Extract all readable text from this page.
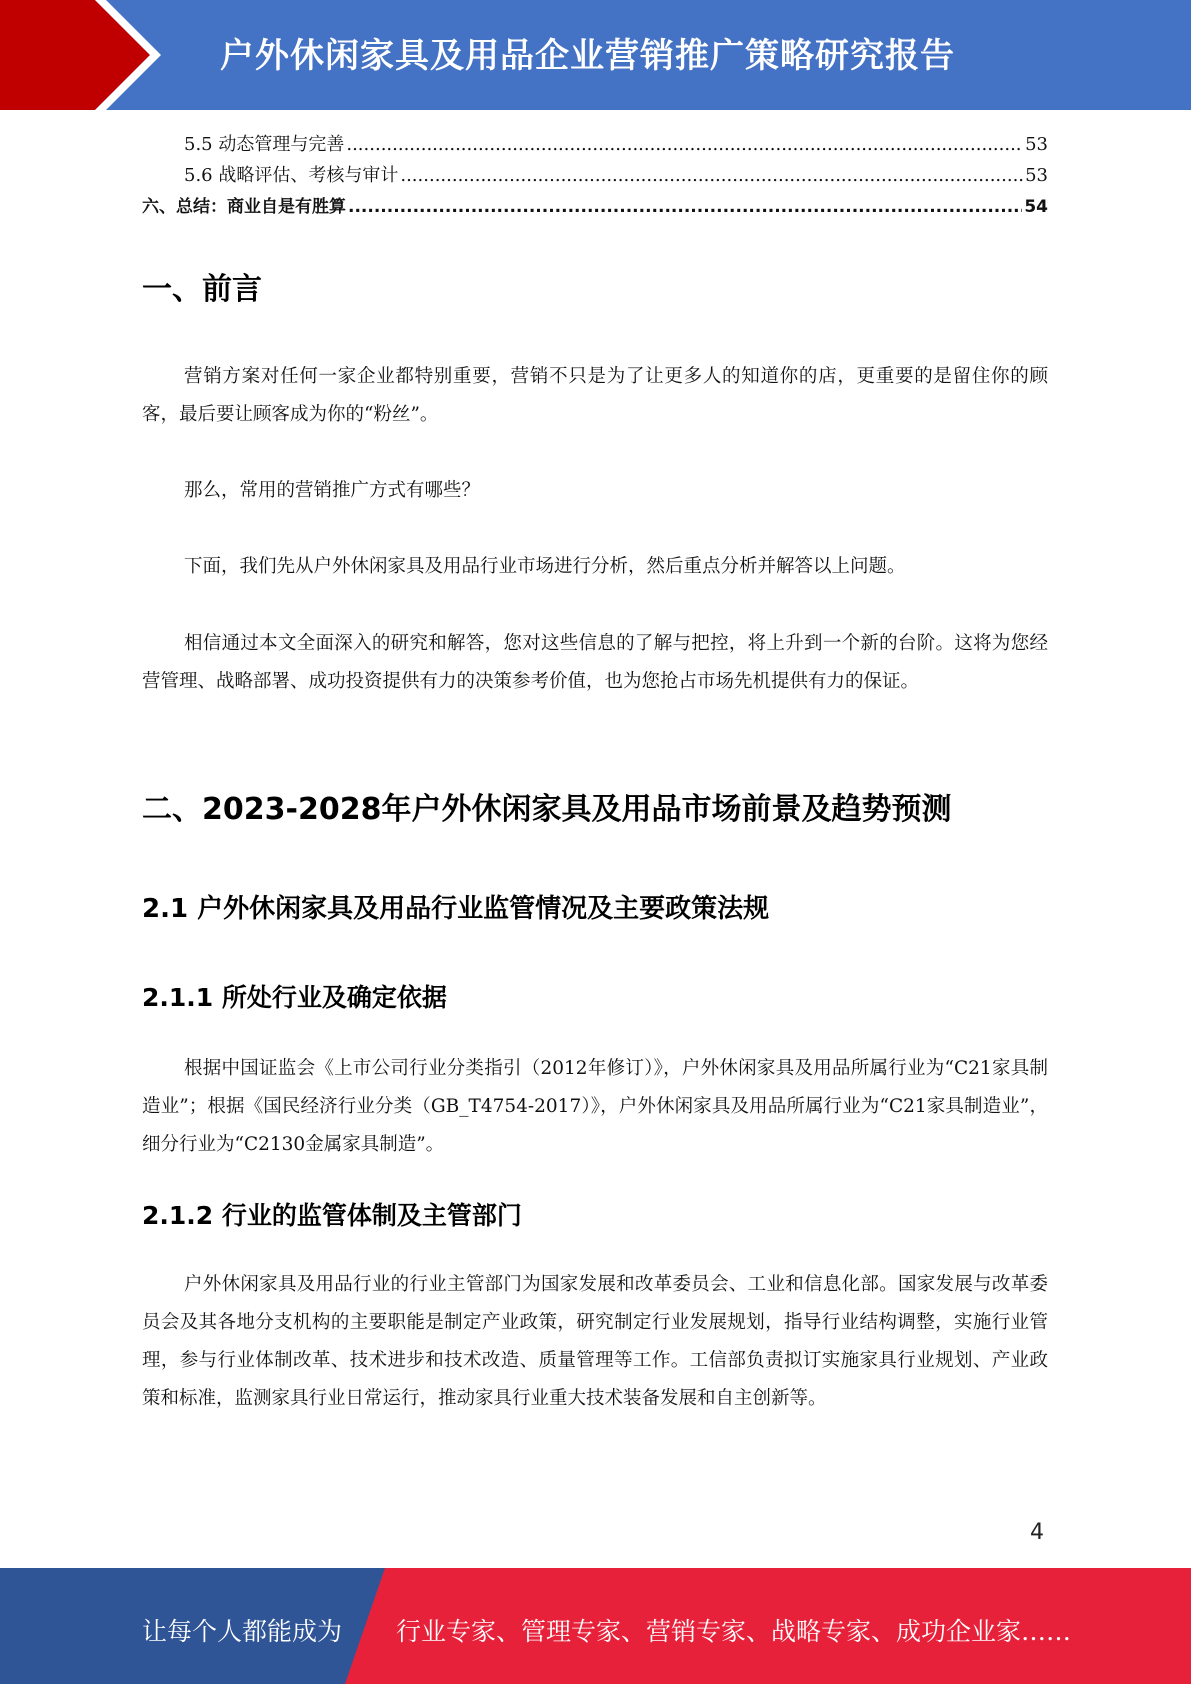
户外休闲家具及用品企业营销推广策略研究报告
5.5 动态管理与完善 .....	53
5.6 战略评估、考核与审计 .....	53
六、总结：商业自是有胜算 .....	54
一、前言

营销方案对任何一家企业都特别重要，营销不只是为了让更多人的知道你的店，更重要的是留住你的顾客，最后要让顾客成为你的“粉丝”。

那么，常用的营销推广方式有哪些？

下面，我们先从户外休闲家具及用品行业市场进行分析，然后重点分析并解答以上问题。

相信通过本文全面深入的研究和解答，您对这些信息的了解与把控，将上升到一个新的台阶。这将为您经营管理、战略部署、成功投资提供有力的决策参考价值，也为您抢占市场先机提供有力的保证。

二、2023-2028年户外休闲家具及用品市场前景及趋势预测
2.1 户外休闲家具及用品行业监管情况及主要政策法规
2.1.1 所处行业及确定依据

根据中国证监会《上市公司行业分类指引（2012年修订）》，户外休闲家具及用品所属行业为“C21家具制造业”；根据《国民经济行业分类（GB_T4754-2017）》，户外休闲家具及用品所属行业为“C21家具制造业”，细分行业为“C2130金属家具制造”。

2.1.2 行业的监管体制及主管部门

户外休闲家具及用品行业的行业主管部门为国家发展和改革委员会、工业和信息化部。国家发展与改革委员会及其各地分支机构的主要职能是制定产业政策，研究制定行业发展规划，指导行业结构调整，实施行业管理，参与行业体制改革、技术进步和技术改造、质量管理等工作。工信部负责拟订实施家具行业规划、产业政策和标准，监测家具行业日常运行，推动家具行业重大技术装备发展和自主创新等。

4
让每个人都能成为 行业专家、管理专家、营销专家、战略专家、成功企业家……
